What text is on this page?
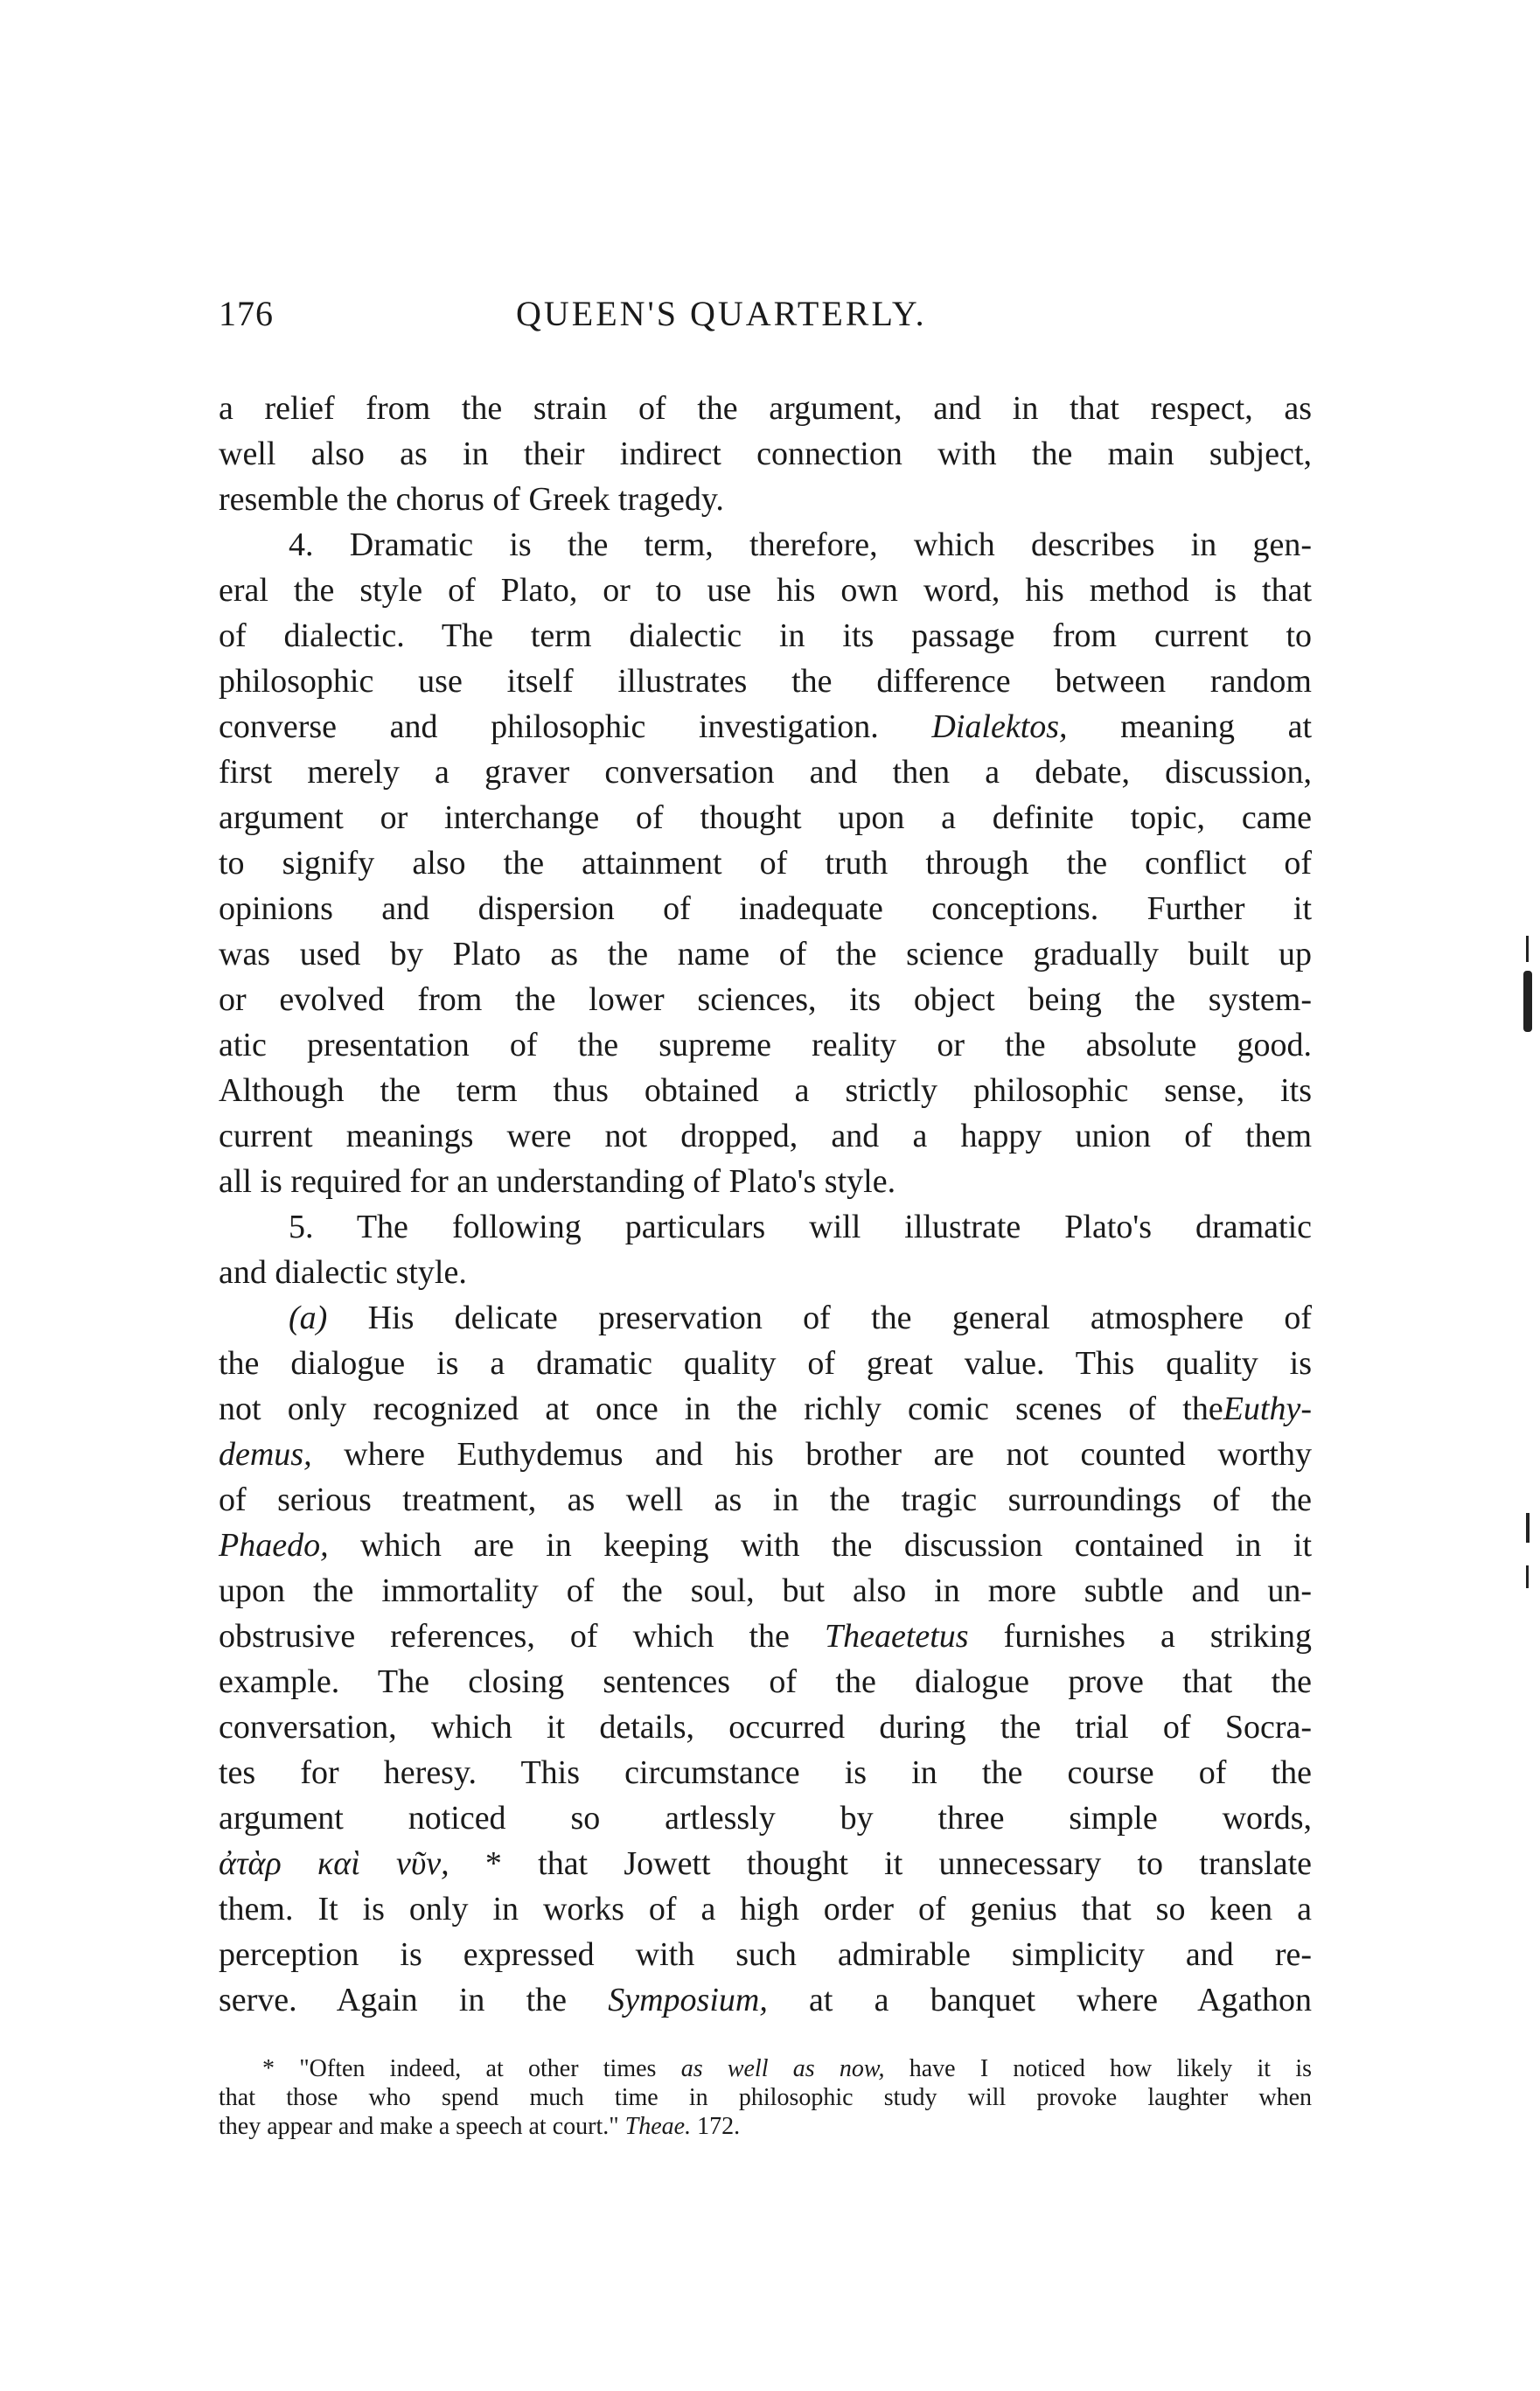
176	QUEEN'S QUARTERLY.
a relief from the strain of the argument, and in that respect, as
well also as in their indirect connection with the main subject,
resemble the chorus of Greek tragedy.
4. Dramatic is the term, therefore, which describes in gen-
eral the style of Plato, or to use his own word, his method is that
of dialectic. The term dialectic in its passage from current to
philosophic use itself illustrates the difference between random
converse and philosophic investigation. Dialektos, meaning at
first merely a graver conversation and then a debate, discussion,
argument or interchange of thought upon a definite topic, came
to signify also the attainment of truth through the conflict of
opinions and dispersion of inadequate conceptions. Further it
was used by Plato as the name of the science gradually built up
or evolved from the lower sciences, its object being the system-
atic presentation of the supreme reality or the absolute good.
Although the term thus obtained a strictly philosophic sense, its
current meanings were not dropped, and a happy union of them
all is required for an understanding of Plato's style.
5. The following particulars will illustrate Plato's dramatic
and dialectic style.
(a) His delicate preservation of the general atmosphere of
the dialogue is a dramatic quality of great value. This quality is
not only recognized at once in the richly comic scenes of theEuthy-
demus, where Euthydemus and his brother are not counted worthy
of serious treatment, as well as in the tragic surroundings of the
Phaedo, which are in keeping with the discussion contained in it
upon the immortality of the soul, but also in more subtle and un-
obstrusive references, of which the Theaetetus furnishes a striking
example. The closing sentences of the dialogue prove that the
conversation, which it details, occurred during the trial of Socra-
tes for heresy. This circumstance is in the course of the
argument noticed so artlessly by three simple words,
ἀτὰρ καὶ νῦν, * that Jowett thought it unnecessary to translate
them. It is only in works of a high order of genius that so keen a
perception is expressed with such admirable simplicity and re-
serve. Again in the Symposium, at a banquet where Agathon
* "Often indeed, at other times as well as now, have I noticed how likely it is
that those who spend much time in philosophic study will provoke laughter when
they appear and make a speech at court." Theae. 172.
